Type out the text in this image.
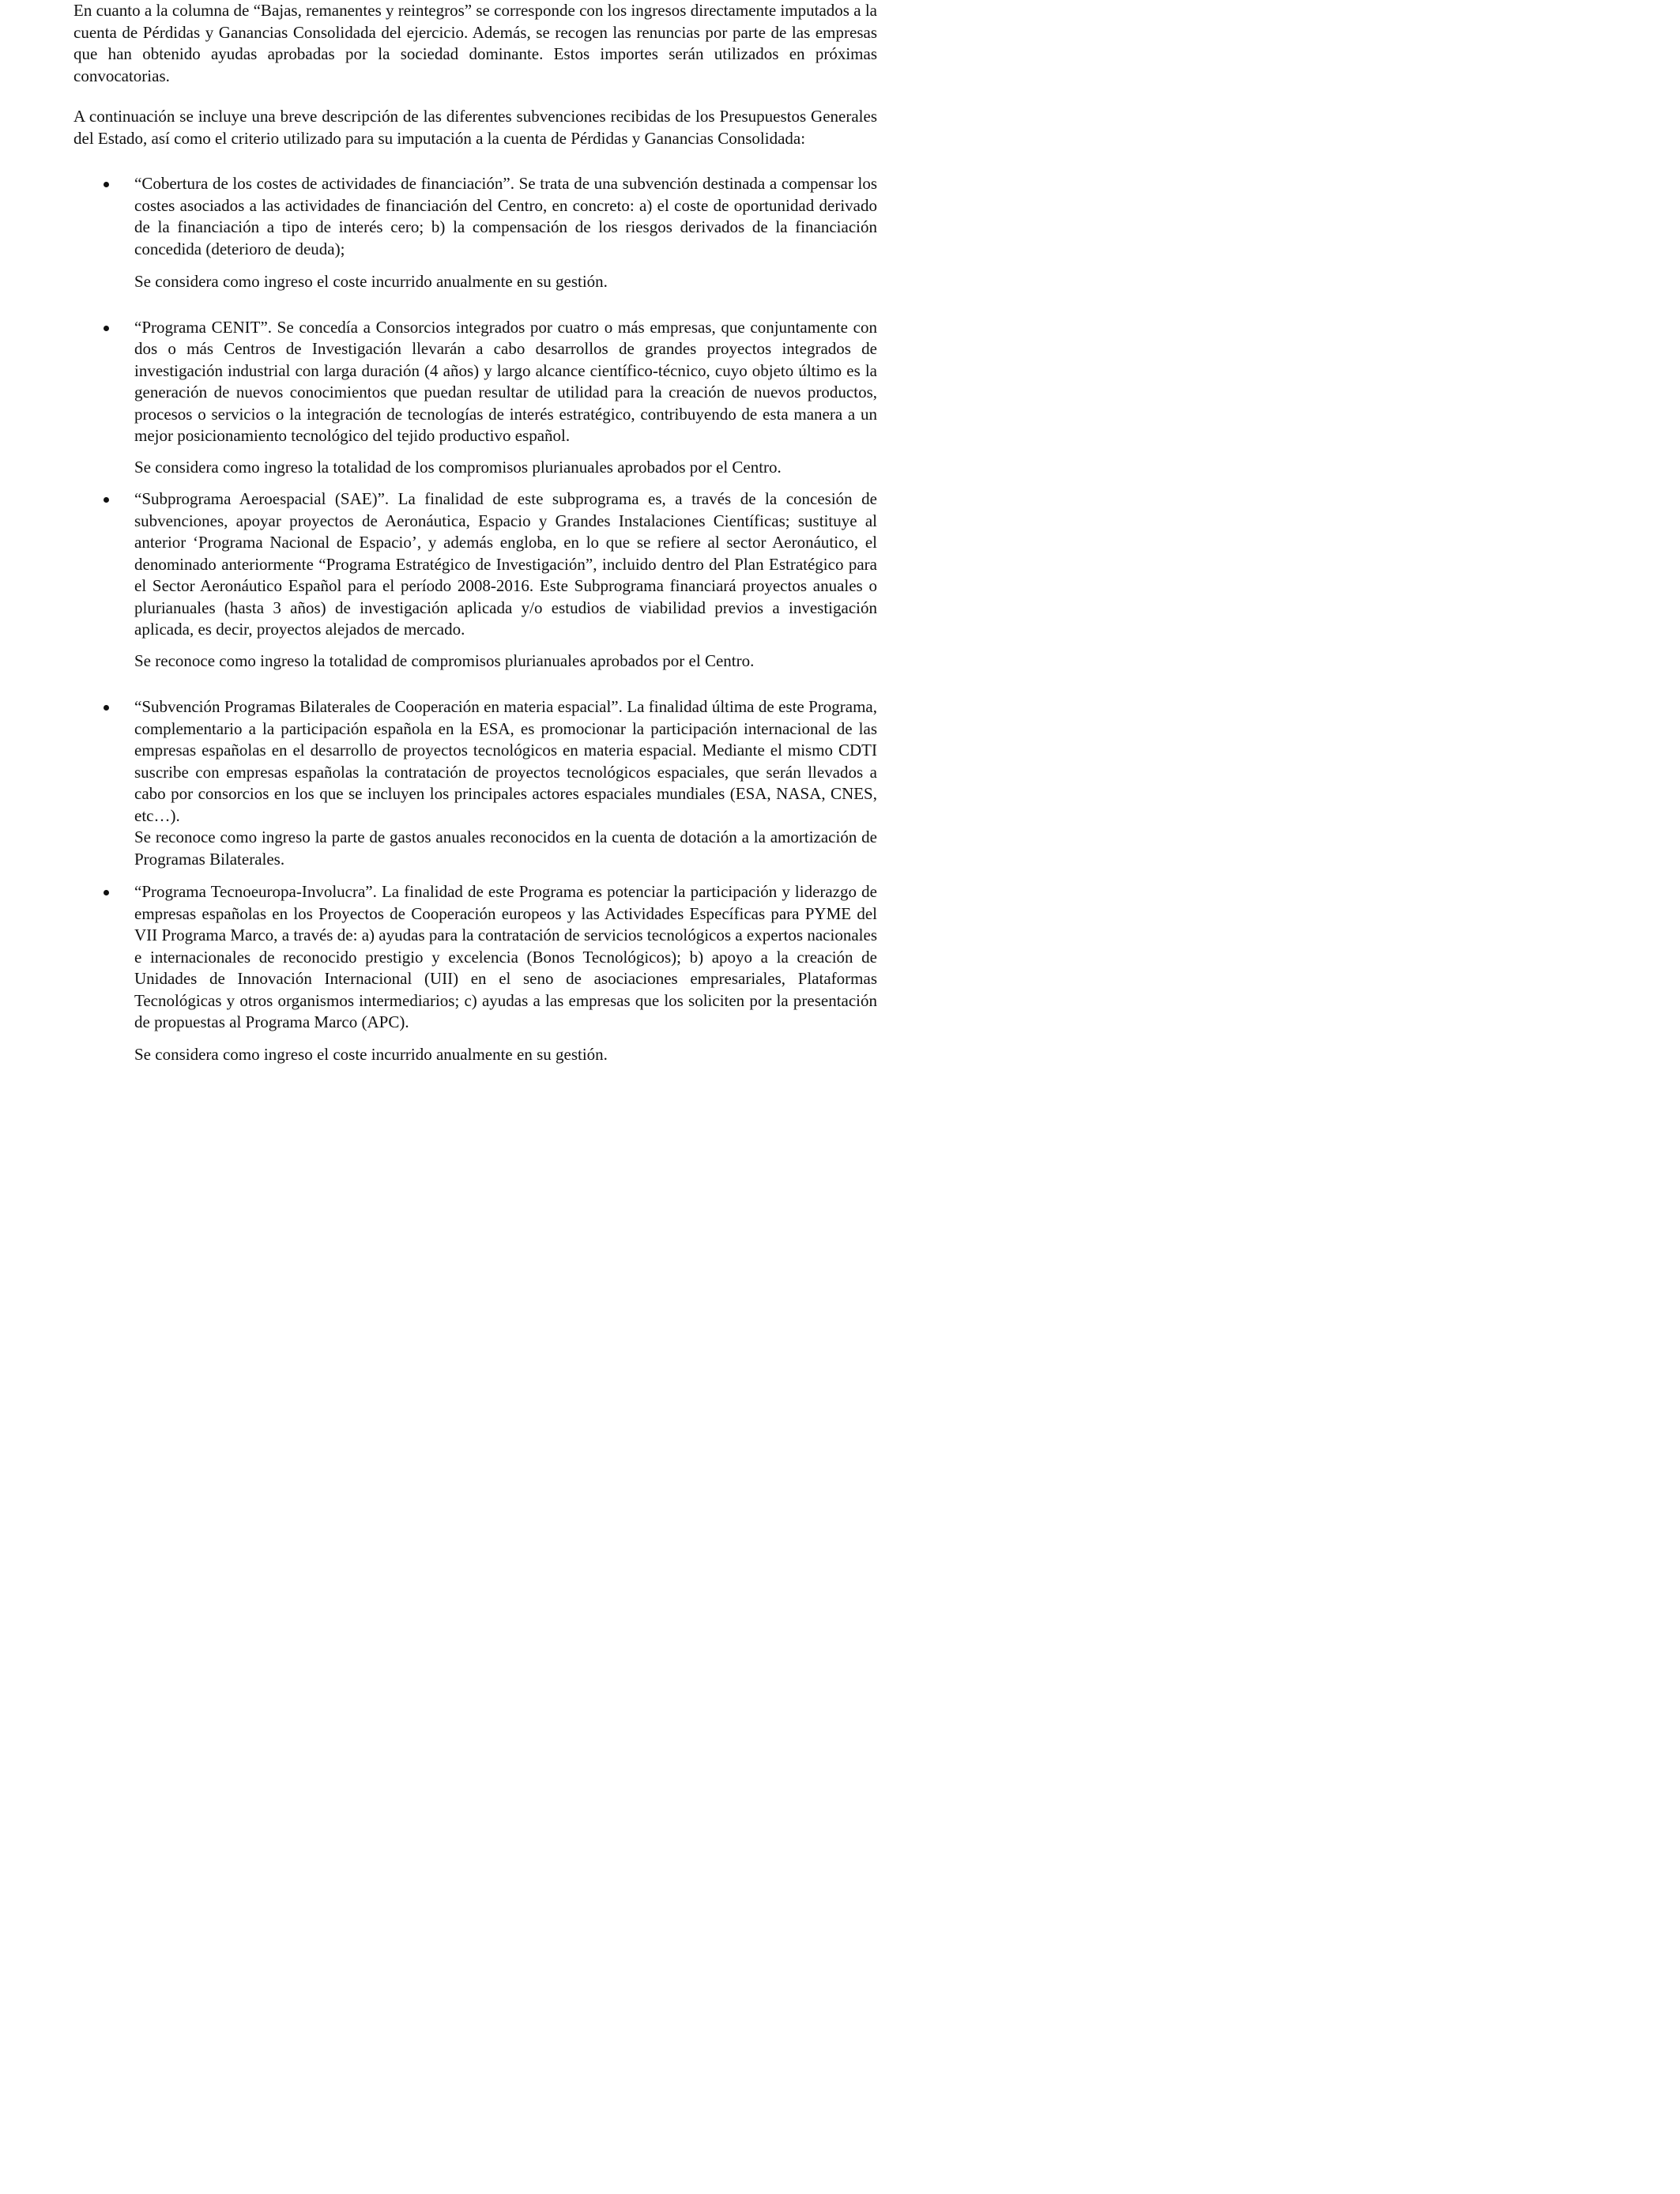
En cuanto a la columna de “Bajas, remanentes y reintegros” se corresponde con los ingresos directamente imputados a la cuenta de Pérdidas y Ganancias Consolidada del ejercicio. Además, se recogen las renuncias por parte de las empresas que han obtenido ayudas aprobadas por la sociedad dominante. Estos importes serán utilizados en próximas convocatorias.

A continuación se incluye una breve descripción de las diferentes subvenciones recibidas de los Presupuestos Generales del Estado, así como el criterio utilizado para su imputación a la cuenta de Pérdidas y Ganancias Consolidada:

“Cobertura de los costes de actividades de financiación”. Se trata de una subvención destinada a compensar los costes asociados a las actividades de financiación del Centro, en concreto: a) el coste de oportunidad derivado de la financiación a tipo de interés cero; b) la compensación de los riesgos derivados de la financiación concedida (deterioro de deuda);

Se considera como ingreso el coste incurrido anualmente en su gestión.

“Programa CENIT”. Se concedía a Consorcios integrados por cuatro o más empresas, que conjuntamente con dos o más Centros de Investigación llevarán a cabo desarrollos de grandes proyectos integrados de investigación industrial con larga duración (4 años) y largo alcance científico-técnico, cuyo objeto último es la generación de nuevos conocimientos que puedan resultar de utilidad para la creación de nuevos productos, procesos o servicios o la integración de tecnologías de interés estratégico, contribuyendo de esta manera a un mejor posicionamiento tecnológico del tejido productivo español.

Se considera como ingreso la totalidad de los compromisos plurianuales aprobados por el Centro.

“Subprograma Aeroespacial (SAE)”. La finalidad de este subprograma es, a través de la concesión de subvenciones, apoyar proyectos de Aeronáutica, Espacio y Grandes Instalaciones Científicas; sustituye al anterior ‘Programa Nacional de Espacio’, y además engloba, en lo que se refiere al sector Aeronáutico, el denominado anteriormente “Programa Estratégico de Investigación”, incluido dentro del Plan Estratégico para el Sector Aeronáutico Español para el período 2008-2016. Este Subprograma financiará proyectos anuales o plurianuales (hasta 3 años) de investigación aplicada y/o estudios de viabilidad previos a investigación aplicada, es decir, proyectos alejados de mercado.

Se reconoce como ingreso la totalidad de compromisos plurianuales aprobados por el Centro.

“Subvención Programas Bilaterales de Cooperación en materia espacial”. La finalidad última de este Programa, complementario a la participación española en la ESA, es promocionar la participación internacional de las empresas españolas en el desarrollo de proyectos tecnológicos en materia espacial. Mediante el mismo CDTI suscribe con empresas españolas la contratación de proyectos tecnológicos espaciales, que serán llevados a cabo por consorcios en los que se incluyen los principales actores espaciales mundiales (ESA, NASA, CNES, etc…).

Se reconoce como ingreso la parte de gastos anuales reconocidos en la cuenta de dotación a la amortización de Programas Bilaterales.

“Programa Tecnoeuropa-Involucra”. La finalidad de este Programa es potenciar la participación y liderazgo de empresas españolas en los Proyectos de Cooperación europeos y las Actividades Específicas para PYME del VII Programa Marco, a través de: a) ayudas para la contratación de servicios tecnológicos a expertos nacionales e internacionales de reconocido prestigio y excelencia (Bonos Tecnológicos); b) apoyo a la creación de Unidades de Innovación Internacional (UII) en el seno de asociaciones empresariales, Plataformas Tecnológicas y otros organismos intermediarios; c) ayudas a las empresas que los soliciten por la presentación de propuestas al Programa Marco (APC).

Se considera como ingreso el coste incurrido anualmente en su gestión.
